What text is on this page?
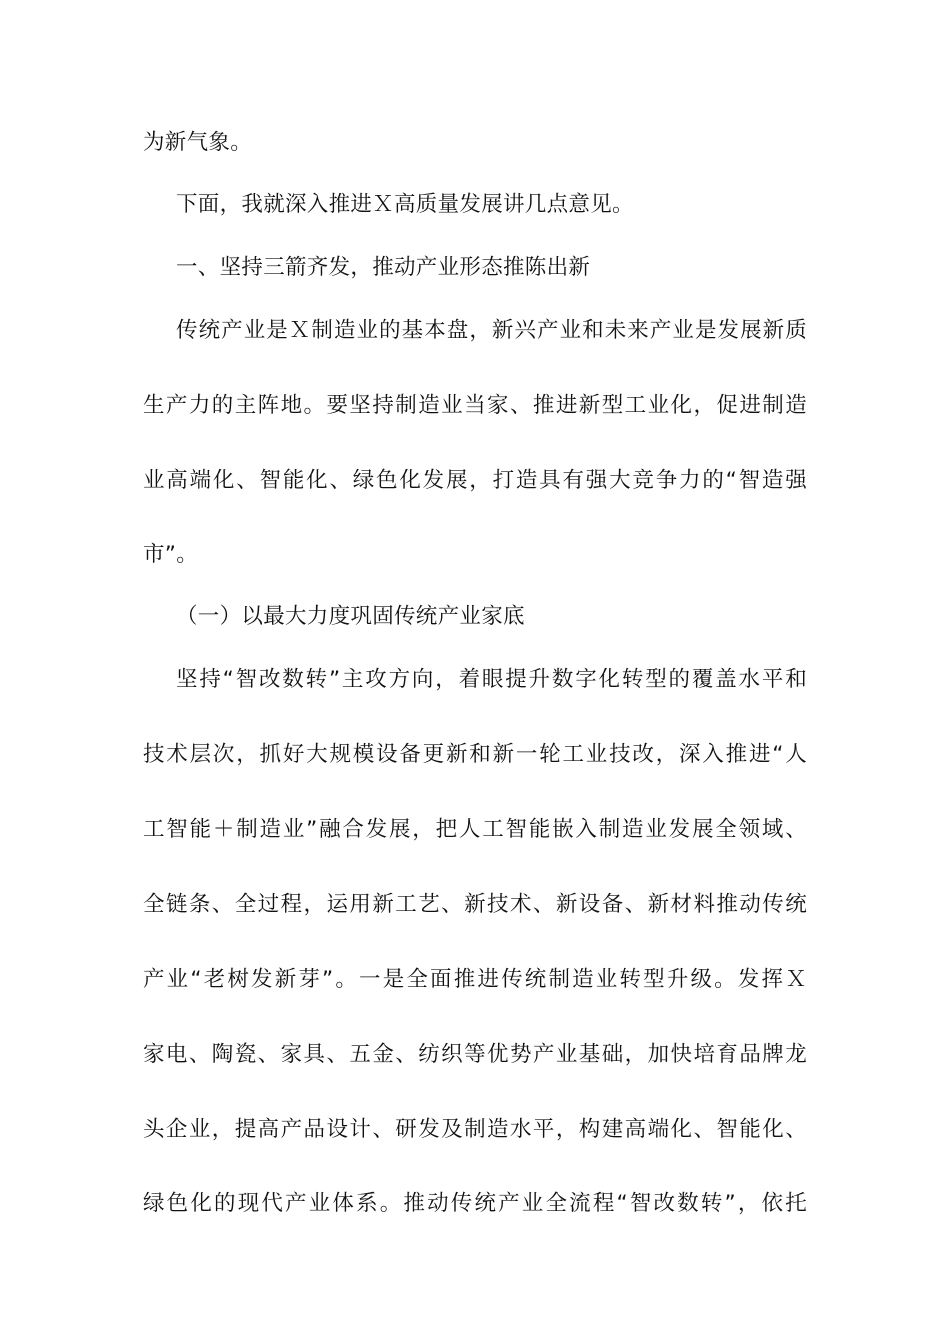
为新气象。
下面，我就深入推进Ｘ高质量发展讲几点意见。
一、坚持三箭齐发，推动产业形态推陈出新
传统产业是Ｘ制造业的基本盘，新兴产业和未来产业是发展新质
生产力的主阵地。要坚持制造业当家、推进新型工业化，促进制造
业高端化、智能化、绿色化发展，打造具有强大竞争力的“智造强
市”。
（一）以最大力度巩固传统产业家底
坚持“智改数转”主攻方向，着眼提升数字化转型的覆盖水平和
技术层次，抓好大规模设备更新和新一轮工业技改，深入推进“人
工智能＋制造业”融合发展，把人工智能嵌入制造业发展全领域、
全链条、全过程，运用新工艺、新技术、新设备、新材料推动传统
产业“老树发新芽”。一是全面推进传统制造业转型升级。发挥Ｘ
家电、陶瓷、家具、五金、纺织等优势产业基础，加快培育品牌龙
头企业，提高产品设计、研发及制造水平，构建高端化、智能化、
绿色化的现代产业体系。推动传统产业全流程“智改数转”，依托
